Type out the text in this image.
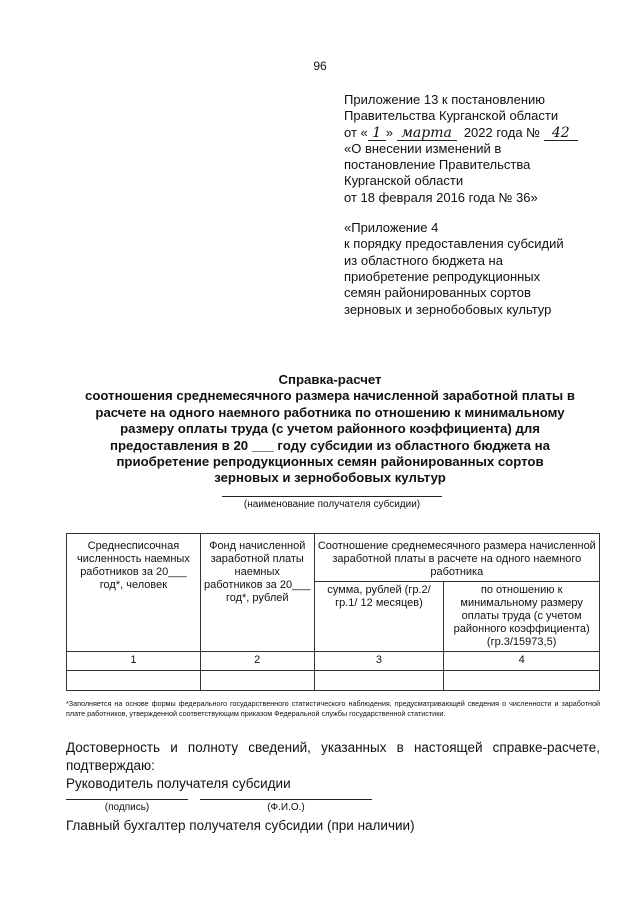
96
Приложение 13 к постановлению
Правительства Курганской области
от « 1 » марта  2022 года № 42
«О внесении изменений в
постановление Правительства
Курганской области
от 18 февраля 2016 года № 36»
«Приложение 4
к порядку предоставления субсидий
из областного бюджета на
приобретение репродукционных
семян районированных сортов
зерновых и зернобобовых культур
Справка-расчет
соотношения среднемесячного размера начисленной заработной платы в
расчете на одного наемного работника по отношению к минимальному
размеру оплаты труда (с учетом районного коэффициента) для
предоставления в 20 ___ году субсидии из областного бюджета на
приобретение репродукционных семян районированных сортов
зерновых и зернобобовых культур
(наименование получателя субсидии)
Среднесписочная численность наемных работников за 20___ год*, человек	Фонд начисленной заработной платы наемных работников за 20___ год*, рублей	Соотношение среднемесячного размера начисленной заработной платы в расчете на одного наемного работника	
		сумма, рублей (гр.2/гр.1/ 12 месяцев)	по отношению к минимальному размеру оплаты труда (с учетом районного коэффициента) (гр.3/15973,5)
1	2	3	4

*Заполняется на основе формы федерального государственного статистического наблюдения, предусматривающей сведения о численности и заработной плате работников, утвержденной соответствующим приказом Федеральной службы государственной статистики.
Достоверность и полноту сведений, указанных в настоящей справке-расчете, подтверждаю:
Руководитель получателя субсидии
(подпись)	(Ф.И.О.)
Главный бухгалтер получателя субсидии (при наличии)
